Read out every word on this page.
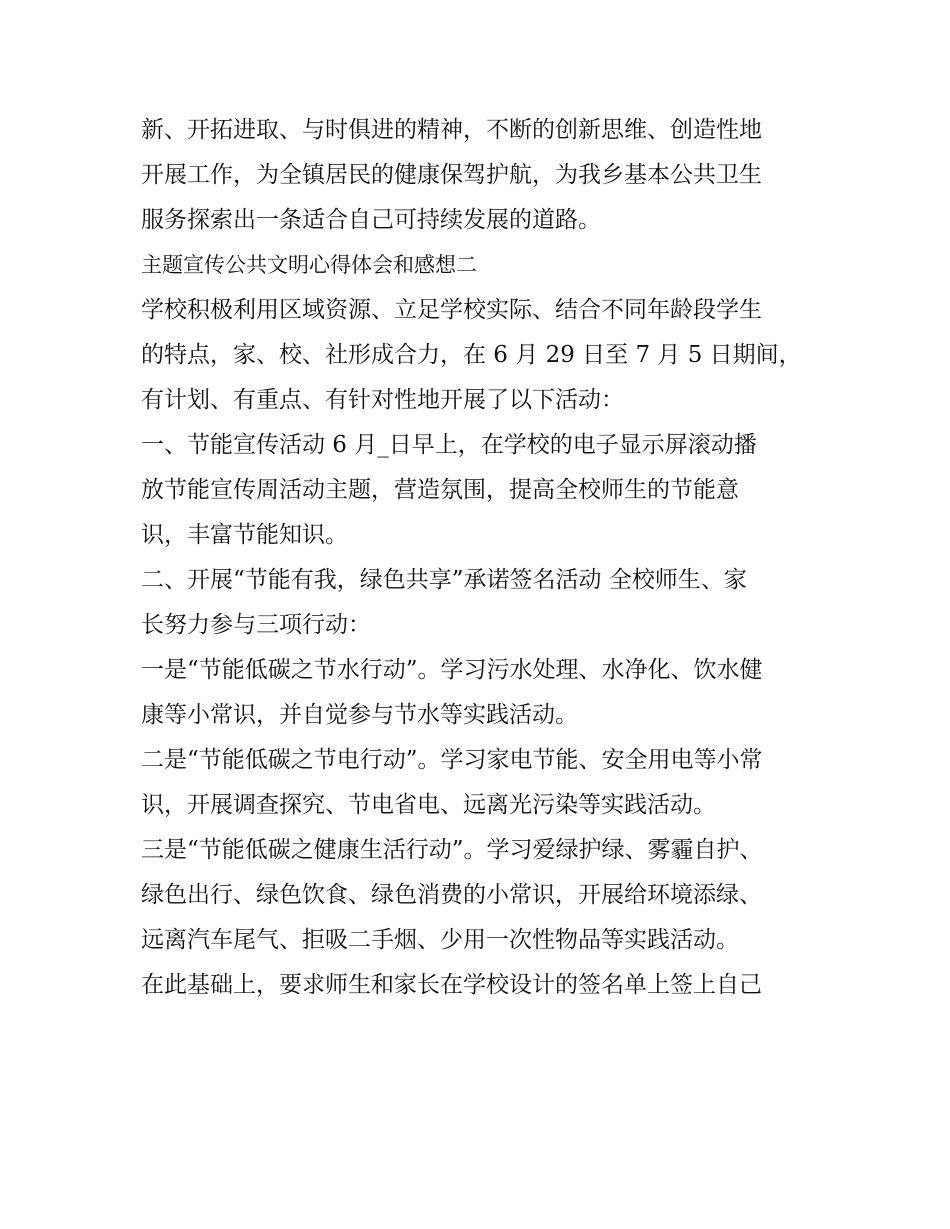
新、开拓进取、与时俱进的精神，不断的创新思维、创造性地

开展工作，为全镇居民的健康保驾护航，为我乡基本公共卫生

服务探索出一条适合自己可持续发展的道路。

主题宣传公共文明心得体会和感想二

学校积极利用区域资源、立足学校实际、结合不同年龄段学生

的特点，家、校、社形成合力，在 6 月 29 日至 7 月 5 日期间，

有计划、有重点、有针对性地开展了以下活动：

一、节能宣传活动 6 月_日早上，在学校的电子显示屏滚动播

放节能宣传周活动主题，营造氛围，提高全校师生的节能意

识，丰富节能知识。

二、开展“节能有我，绿色共享”承诺签名活动 全校师生、家

长努力参与三项行动：

一是“节能低碳之节水行动”。学习污水处理、水净化、饮水健

康等小常识，并自觉参与节水等实践活动。

二是“节能低碳之节电行动”。学习家电节能、安全用电等小常

识，开展调查探究、节电省电、远离光污染等实践活动。

三是“节能低碳之健康生活行动”。学习爱绿护绿、雾霾自护、

绿色出行、绿色饮食、绿色消费的小常识，开展给环境添绿、

远离汽车尾气、拒吸二手烟、少用一次性物品等实践活动。

在此基础上，要求师生和家长在学校设计的签名单上签上自己
